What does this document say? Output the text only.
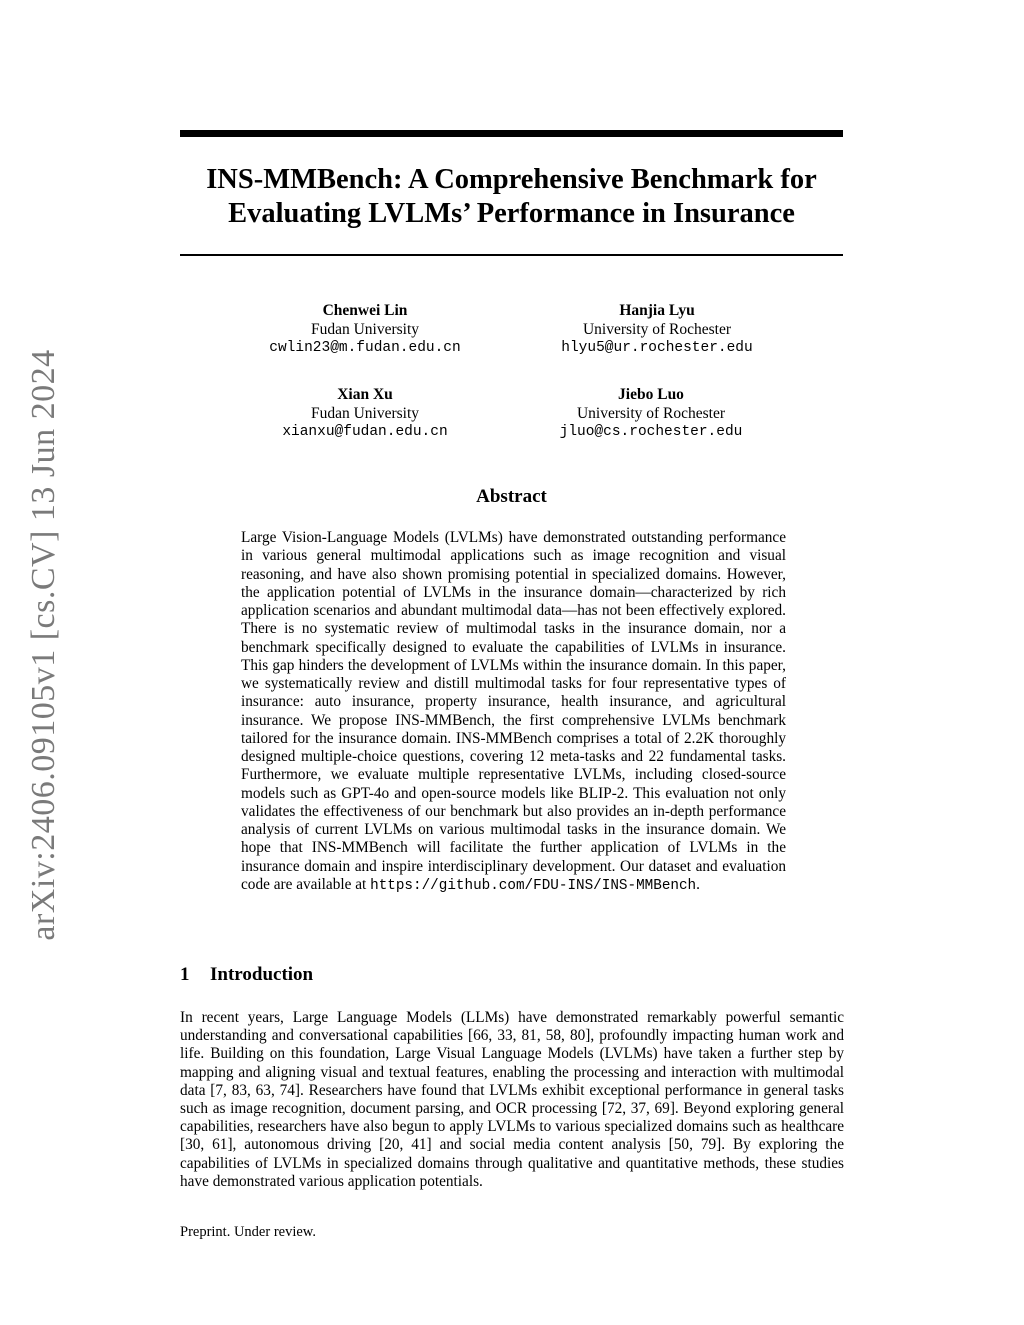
arXiv:2406.09105v1 [cs.CV] 13 Jun 2024
INS-MMBench: A Comprehensive Benchmark for
Evaluating LVLMs’ Performance in Insurance
Chenwei Lin
Fudan University
cwlin23@m.fudan.edu.cn
Hanjia Lyu
University of Rochester
hlyu5@ur.rochester.edu
Xian Xu
Fudan University
xianxu@fudan.edu.cn
Jiebo Luo
University of Rochester
jluo@cs.rochester.edu
Abstract
Large Vision-Language Models (LVLMs) have demonstrated outstanding performance in various general multimodal applications such as image recognition and visual reasoning, and have also shown promising potential in specialized domains. However, the application potential of LVLMs in the insurance domain—characterized by rich application scenarios and abundant multimodal data—has not been effectively explored. There is no systematic review of multimodal tasks in the insurance domain, nor a benchmark specifically designed to evaluate the capabilities of LVLMs in insurance. This gap hinders the development of LVLMs within the insurance domain. In this paper, we systematically review and distill multimodal tasks for four representative types of insurance: auto insurance, property insurance, health insurance, and agricultural insurance. We propose INS-MMBench, the first comprehensive LVLMs benchmark tailored for the insurance domain. INS-MMBench comprises a total of 2.2K thoroughly designed multiple-choice questions, covering 12 meta-tasks and 22 fundamental tasks. Furthermore, we evaluate multiple representative LVLMs, including closed-source models such as GPT-4o and open-source models like BLIP-2. This evaluation not only validates the effectiveness of our benchmark but also provides an in-depth performance analysis of current LVLMs on various multimodal tasks in the insurance domain. We hope that INS-MMBench will facilitate the further application of LVLMs in the insurance domain and inspire interdisciplinary development. Our dataset and evaluation code are available at https://github.com/FDU-INS/INS-MMBench.
1 Introduction
In recent years, Large Language Models (LLMs) have demonstrated remarkably powerful semantic understanding and conversational capabilities [66, 33, 81, 58, 80], profoundly impacting human work and life. Building on this foundation, Large Visual Language Models (LVLMs) have taken a further step by mapping and aligning visual and textual features, enabling the processing and interaction with multimodal data [7, 83, 63, 74]. Researchers have found that LVLMs exhibit exceptional performance in general tasks such as image recognition, document parsing, and OCR processing [72, 37, 69]. Beyond exploring general capabilities, researchers have also begun to apply LVLMs to various specialized domains such as healthcare [30, 61], autonomous driving [20, 41] and social media content analysis [50, 79]. By exploring the capabilities of LVLMs in specialized domains through qualitative and quantitative methods, these studies have demonstrated various application potentials.
Preprint. Under review.
